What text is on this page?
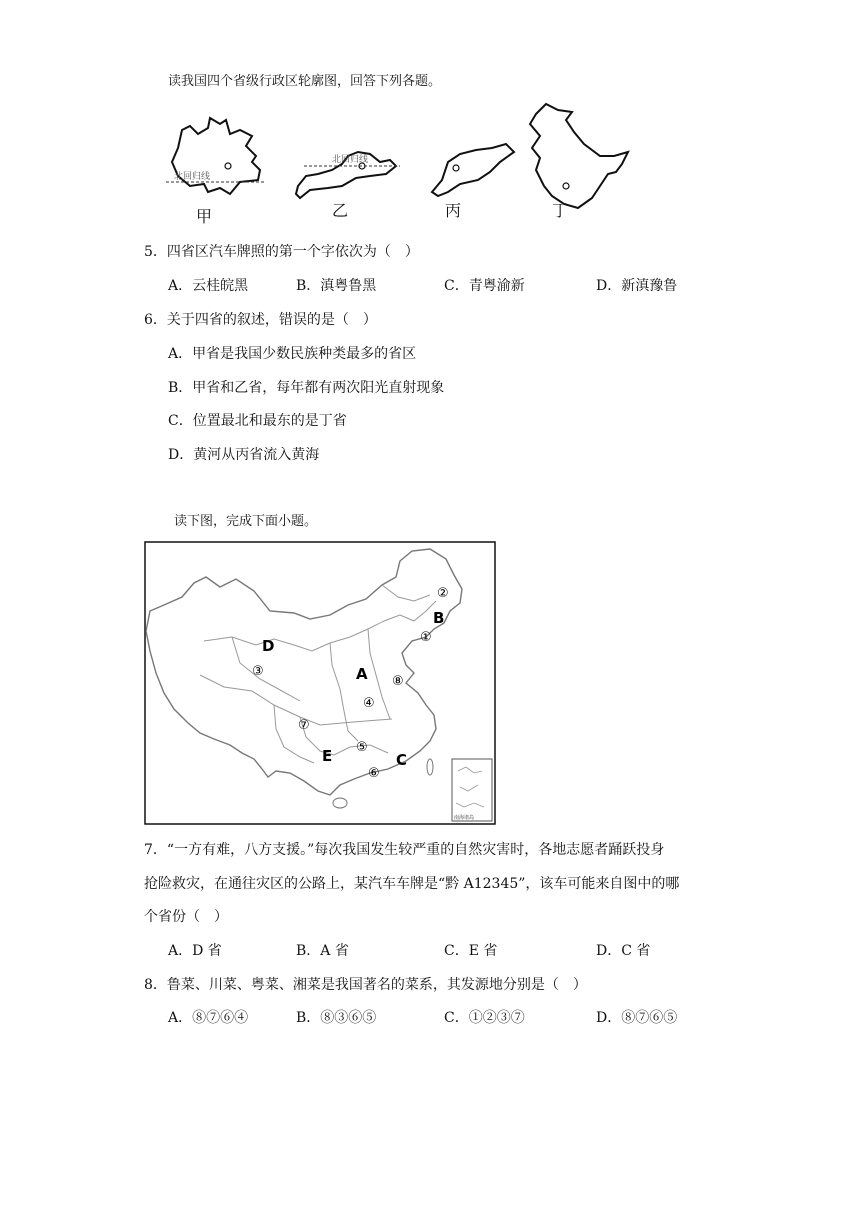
读我国四个省级行政区轮廓图，回答下列各题。
北回归线
北回归线
甲	乙	丙	丁
5．四省区汽车牌照的第一个字依次为（　）
A．云桂皖黑	B．滇粤鲁黑	C．青粤渝新	D．新滇豫鲁
6．关于四省的叙述，错误的是（　）
A．甲省是我国少数民族种类最多的省区
B．甲省和乙省，每年都有两次阳光直射现象
C．位置最北和最东的是丁省
D．黄河从丙省流入黄海
读下图，完成下面小题。
南海诸岛
A
B
C
D
E
①
②
③
④
⑤
⑥
⑦
⑧
7．“一方有难，八方支援。”每次我国发生较严重的自然灾害时，各地志愿者踊跃投身
抢险救灾，在通往灾区的公路上，某汽车车牌是“黔 A12345”，该车可能来自图中的哪
个省份（　）
A．D 省	B．A 省	C．E 省	D．C 省
8．鲁菜、川菜、粤菜、湘菜是我国著名的菜系，其发源地分别是（　）
A．⑧⑦⑥④	B．⑧③⑥⑤	C．①②③⑦	D．⑧⑦⑥⑤
